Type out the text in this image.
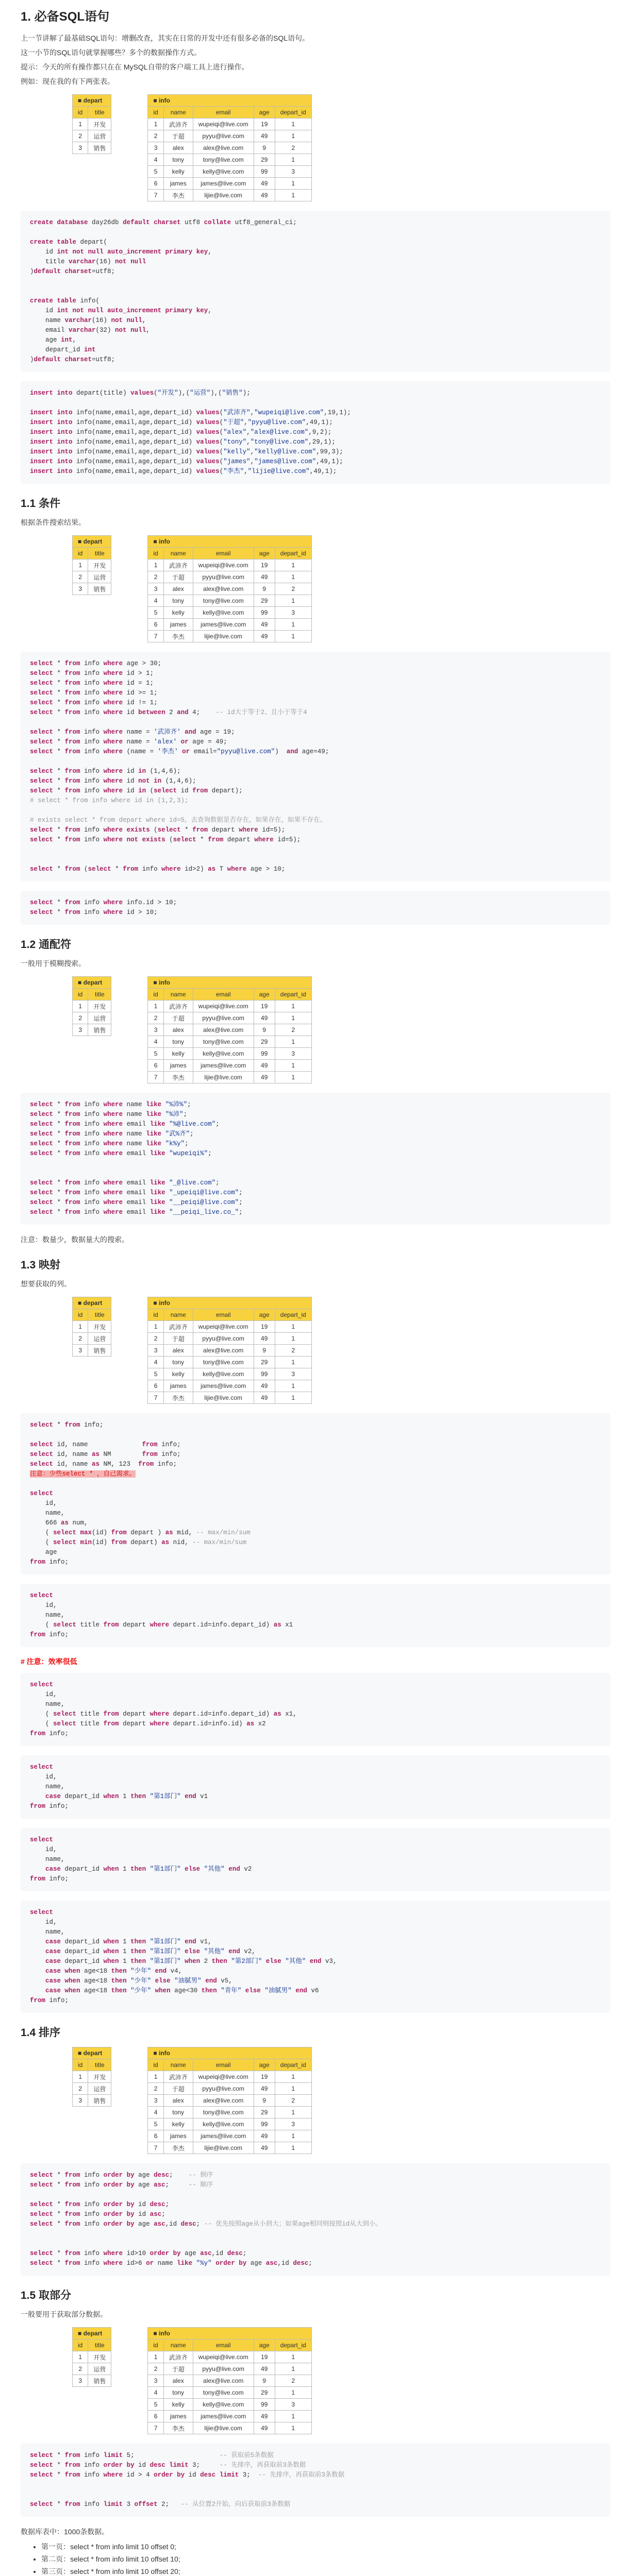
1. 必备SQL语句

上一节讲解了最基础SQL语句：增删改查，其实在日常的开发中还有很多必备的SQL语句。

这一小节的SQL语句就掌握哪些？多个的数据操作方式。

提示：今天的所有操作都只在在 MySQL自带的客户端工具上进行操作。

例如：现在我的有下两张表。

■ depart	
id	title
1	开发
2	运营
3	销售
■ info				
id	name	email	age	depart_id
1	武沛齐	wupeiqi@live.com	19	1
2	于超	pyyu@live.com	49	1
3	alex	alex@live.com	9	2
4	tony	tony@live.com	29	1
5	kelly	kelly@live.com	99	3
6	james	james@live.com	49	1
7	李杰	lijie@live.com	49	1
create database day26db default charset utf8 collate utf8_general_ci;

create table depart(
id int not null auto_increment primary key,
title varchar(16) not null
)default charset=utf8;

create table info(
id int not null auto_increment primary key,
name varchar(16) not null,
email varchar(32) not null,
age int,
depart_id int
)default charset=utf8;
insert into depart(title) values("开发"),("运营"),("销售");

insert into info(name,email,age,depart_id) values("武沛齐","wupeiqi@live.com",19,1);
insert into info(name,email,age,depart_id) values("于超","pyyu@live.com",49,1);
insert into info(name,email,age,depart_id) values("alex","alex@live.com",9,2);
insert into info(name,email,age,depart_id) values("tony","tony@live.com",29,1);
insert into info(name,email,age,depart_id) values("kelly","kelly@live.com",99,3);
insert into info(name,email,age,depart_id) values("james","james@live.com",49,1);
insert into info(name,email,age,depart_id) values("李杰","lijie@live.com",49,1);
1.1 条件

根据条件搜索结果。

■ depart	
id	title
1	开发
2	运营
3	销售
■ info				
id	name	email	age	depart_id
1	武沛齐	wupeiqi@live.com	19	1
2	于超	pyyu@live.com	49	1
3	alex	alex@live.com	9	2
4	tony	tony@live.com	29	1
5	kelly	kelly@live.com	99	3
6	james	james@live.com	49	1
7	李杰	lijie@live.com	49	1
select * from info where age > 30;
select * from info where id > 1;
select * from info where id = 1;
select * from info where id >= 1;
select * from info where id != 1;
select * from info where id between 2 and 4;    -- id大于等于2、且小于等于4

select * from info where name = '武沛齐' and age = 19;
select * from info where name = 'alex' or age = 49;
select * from info where (name = '李杰' or email="pyyu@live.com")  and age=49;

select * from info where id in (1,4,6);
select * from info where id not in (1,4,6);
select * from info where id in (select id from depart);
# select * from info where id in (1,2,3);

# exists select * from depart where id=5，去查询数据是否存在，如果存在，如果不存在。
select * from info where exists (select * from depart where id=5);
select * from info where not exists (select * from depart where id=5);

select * from (select * from info where id>2) as T where age > 10;
select * from info where info.id > 10;
select * from info where id > 10;
1.2 通配符

一般用于模糊搜索。

■ depart	
id	title
1	开发
2	运营
3	销售
■ info				
id	name	email	age	depart_id
1	武沛齐	wupeiqi@live.com	19	1
2	于超	pyyu@live.com	49	1
3	alex	alex@live.com	9	2
4	tony	tony@live.com	29	1
5	kelly	kelly@live.com	99	3
6	james	james@live.com	49	1
7	李杰	lijie@live.com	49	1
select * from info where name like "%沛%";
select * from info where name like "%沛";
select * from info where email like "%@live.com";
select * from info where name like "武%齐";
select * from info where name like "k%y";
select * from info where email like "wupeiqi%";

select * from info where email like "_@live.com";
select * from info where email like "_upeiqi@live.com";
select * from info where email like "__peiqi@live.com";
select * from info where email like "__peiqi_live.co_";

注意：数量少，数据量大的搜索。

1.3 映射

想要获取的列。

■ depart	
id	title
1	开发
2	运营
3	销售
■ info				
id	name	email	age	depart_id
1	武沛齐	wupeiqi@live.com	19	1
2	于超	pyyu@live.com	49	1
3	alex	alex@live.com	9	2
4	tony	tony@live.com	29	1
5	kelly	kelly@live.com	99	3
6	james	james@live.com	49	1
7	李杰	lijie@live.com	49	1
select * from info;

select id, name              from info;
select id, name as NM        from info;
select id, name as NM, 123  from info;
注意：少些select * ，自己需求。

select
id,
name,
666 as num,
( select max(id) from depart ) as mid, -- max/min/sum
( select min(id) from depart) as nid, -- max/min/sum
age
from info;
select
id,
name,
( select title from depart where depart.id=info.depart_id) as x1
from info;
# 注意：效率很低
select
id,
name,
( select title from depart where depart.id=info.depart_id) as x1,
( select title from depart where depart.id=info.id) as x2
from info;
select
id,
name,
case depart_id when 1 then "第1部门" end v1
from info;
select
id,
name,
case depart_id when 1 then "第1部门" else "其他" end v2
from info;
select
id,
name,
case depart_id when 1 then "第1部门" end v1,
case depart_id when 1 then "第1部门" else "其他" end v2,
case depart_id when 1 then "第1部门" when 2 then "第2部门" else "其他" end v3,
case when age<18 then "少年" end v4,
case when age<18 then "少年" else "油腻男" end v5,
case when age<18 then "少年" when age<30 then "青年" else "油腻男" end v6
from info;
1.4 排序
■ depart	
id	title
1	开发
2	运营
3	销售
■ info				
id	name	email	age	depart_id
1	武沛齐	wupeiqi@live.com	19	1
2	于超	pyyu@live.com	49	1
3	alex	alex@live.com	9	2
4	tony	tony@live.com	29	1
5	kelly	kelly@live.com	99	3
6	james	james@live.com	49	1
7	李杰	lijie@live.com	49	1
select * from info order by age desc;    -- 倒序
select * from info order by age asc;     -- 顺序

select * from info order by id desc;
select * from info order by id asc;
select * from info order by age asc,id desc; -- 优先按照age从小到大；如果age相同则按照id从大到小。

select * from info where id>10 order by age asc,id desc;
select * from info where id>6 or name like "%y" order by age asc,id desc;
1.5 取部分

一般要用于获取部分数据。

■ depart	
id	title
1	开发
2	运营
3	销售
■ info				
id	name	email	age	depart_id
1	武沛齐	wupeiqi@live.com	19	1
2	于超	pyyu@live.com	49	1
3	alex	alex@live.com	9	2
4	tony	tony@live.com	29	1
5	kelly	kelly@live.com	99	3
6	james	james@live.com	49	1
7	李杰	lijie@live.com	49	1
select * from info limit 5;                      -- 获取前5条数据
select * from info order by id desc limit 3;     -- 先排序，再获取前3条数据
select * from info where id > 4 order by id desc limit 3;  -- 先排序，再获取前3条数据

select * from info limit 3 offset 2;   -- 从位置2开始，向后获取前3条数据

数据库表中：1000条数据。

• 第一页：select * from info limit 10 offset 0;
• 第二页：select * from info limit 10 offset 10;
• 第三页：select * from info limit 10 offset 20;
